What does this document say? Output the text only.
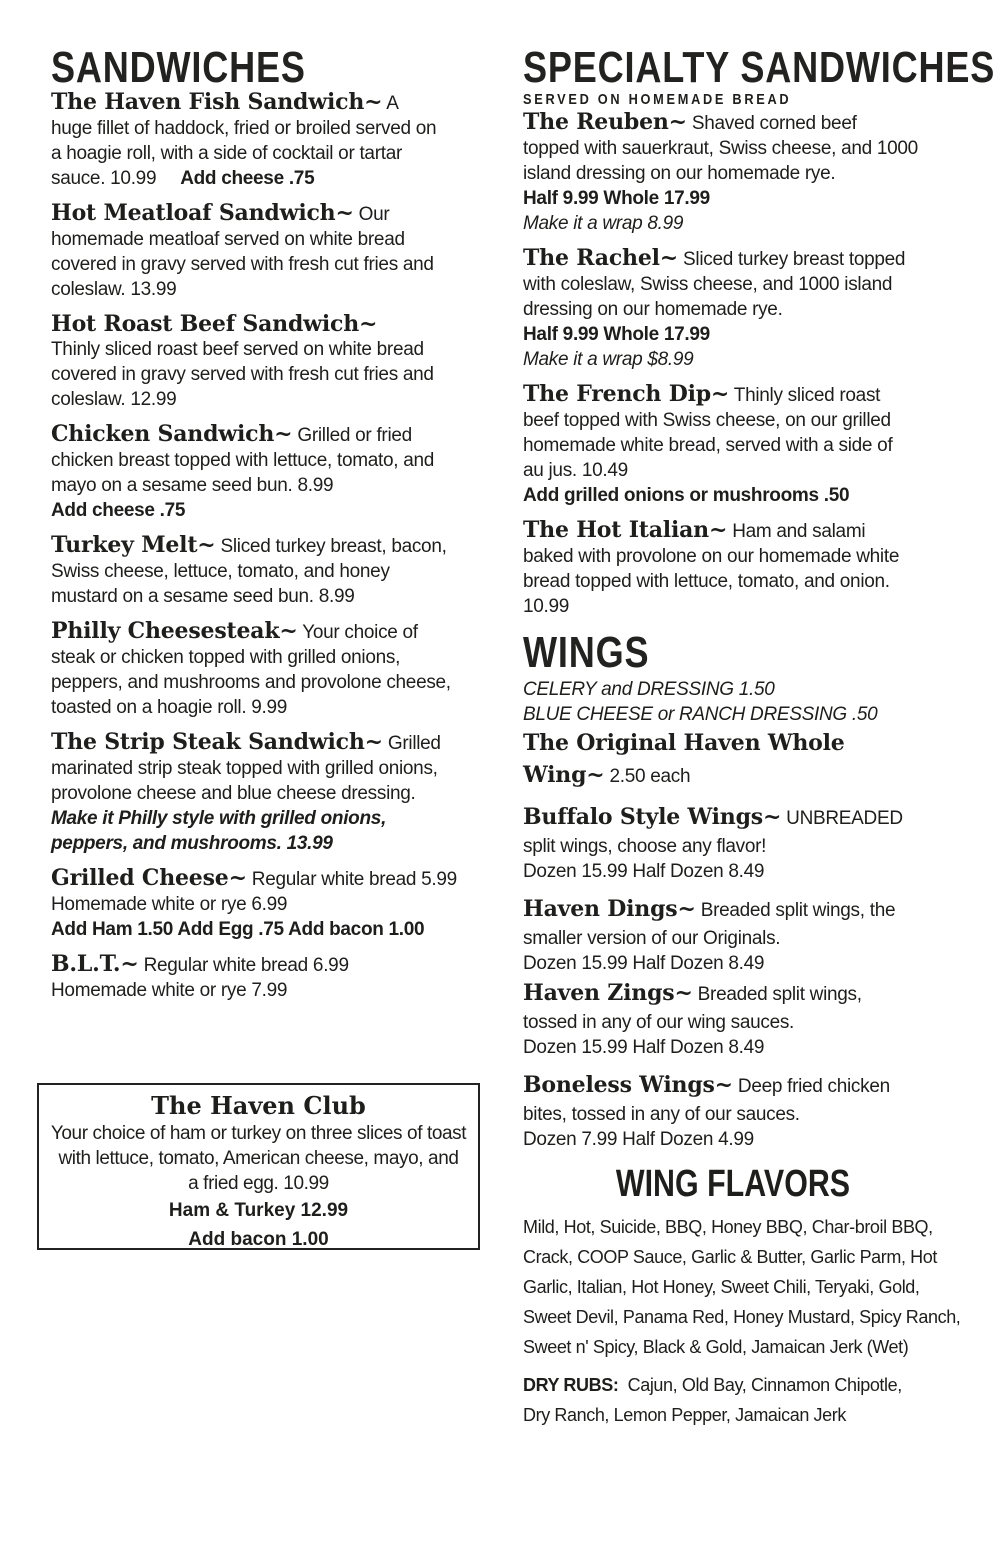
SANDWICHES
The Haven Fish Sandwich~ A
huge fillet of haddock, fried or broiled served on
a hoagie roll, with a side of cocktail or tartar
sauce. 10.99 Add cheese .75
Hot Meatloaf Sandwich~ Our
homemade meatloaf served on white bread
covered in gravy served with fresh cut fries and
coleslaw. 13.99
Hot Roast Beef Sandwich~
Thinly sliced roast beef served on white bread
covered in gravy served with fresh cut fries and
coleslaw. 12.99
Chicken Sandwich~ Grilled or fried
chicken breast topped with lettuce, tomato, and
mayo on a sesame seed bun. 8.99
Add cheese .75
Turkey Melt~ Sliced turkey breast, bacon,
Swiss cheese, lettuce, tomato, and honey
mustard on a sesame seed bun. 8.99
Philly Cheesesteak~ Your choice of
steak or chicken topped with grilled onions,
peppers, and mushrooms and provolone cheese,
toasted on a hoagie roll. 9.99
The Strip Steak Sandwich~ Grilled
marinated strip steak topped with grilled onions,
provolone cheese and blue cheese dressing.
Make it Philly style with grilled onions,
peppers, and mushrooms. 13.99
Grilled Cheese~ Regular white bread 5.99
Homemade white or rye 6.99
Add Ham 1.50 Add Egg .75 Add bacon 1.00
B.L.T.~ Regular white bread 6.99
Homemade white or rye 7.99
The Haven Club
Your choice of ham or turkey on three slices of toast
with lettuce, tomato, American cheese, mayo, and
a fried egg. 10.99
Ham & Turkey 12.99
Add bacon 1.00
SPECIALTY SANDWICHES
SERVED ON HOMEMADE BREAD
The Reuben~ Shaved corned beef
topped with sauerkraut, Swiss cheese, and 1000
island dressing on our homemade rye.
Half 9.99 Whole 17.99
Make it a wrap 8.99
The Rachel~ Sliced turkey breast topped
with coleslaw, Swiss cheese, and 1000 island
dressing on our homemade rye.
Half 9.99 Whole 17.99
Make it a wrap $8.99
The French Dip~ Thinly sliced roast
beef topped with Swiss cheese, on our grilled
homemade white bread, served with a side of
au jus. 10.49
Add grilled onions or mushrooms .50
The Hot Italian~ Ham and salami
baked with provolone on our homemade white
bread topped with lettuce, tomato, and onion.
10.99
WINGS
CELERY and DRESSING 1.50
BLUE CHEESE or RANCH DRESSING .50
The Original Haven Whole
Wing~ 2.50 each
Buffalo Style Wings~ UNBREADED
split wings, choose any flavor!
Dozen 15.99 Half Dozen 8.49
Haven Dings~ Breaded split wings, the
smaller version of our Originals.
Dozen 15.99 Half Dozen 8.49
Haven Zings~ Breaded split wings,
tossed in any of our wing sauces.
Dozen 15.99 Half Dozen 8.49
Boneless Wings~ Deep fried chicken
bites, tossed in any of our sauces.
Dozen 7.99 Half Dozen 4.99
WING FLAVORS
Mild, Hot, Suicide, BBQ, Honey BBQ, Char-broil BBQ,
Crack, COOP Sauce, Garlic & Butter, Garlic Parm, Hot
Garlic, Italian, Hot Honey, Sweet Chili, Teryaki, Gold,
Sweet Devil, Panama Red, Honey Mustard, Spicy Ranch,
Sweet n' Spicy, Black & Gold, Jamaican Jerk (Wet)
DRY RUBS:  Cajun, Old Bay, Cinnamon Chipotle,
Dry Ranch, Lemon Pepper, Jamaican Jerk
